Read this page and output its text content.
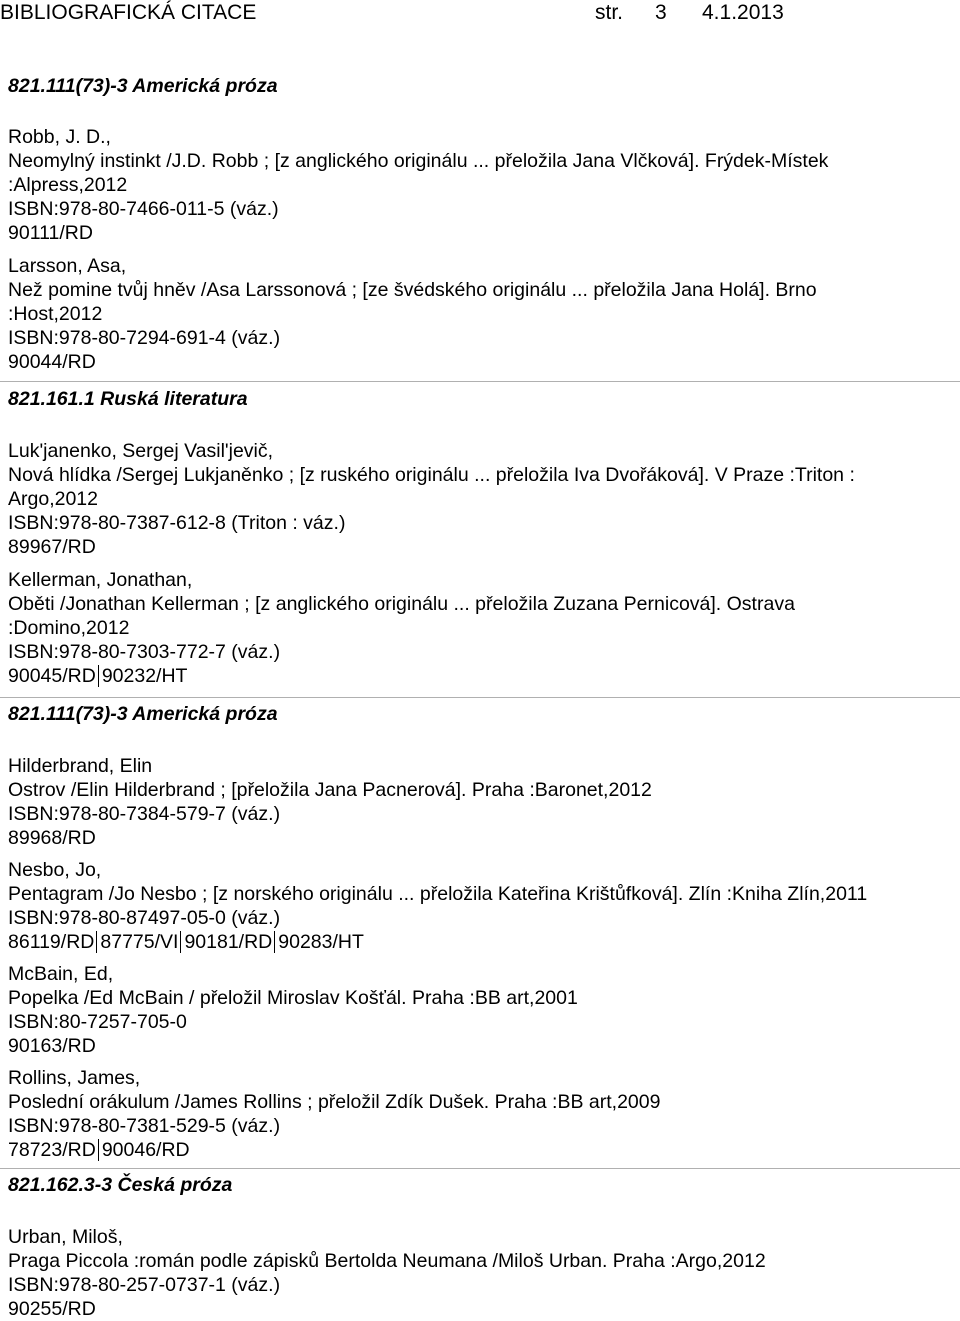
BIBLIOGRAFICKÁ CITACE	str. 3 4.1.2013
821.111(73)-3 Americká próza
Robb, J. D.,
Neomylný instinkt /J.D. Robb ; [z anglického originálu ... přeložila Jana Vlčková]. Frýdek-Místek
:Alpress,2012
ISBN:978-80-7466-011-5 (váz.)
90111/RD
Larsson, Asa,
Než pomine tvůj hněv /Asa Larssonová ; [ze švédského originálu ... přeložila Jana Holá]. Brno
:Host,2012
ISBN:978-80-7294-691-4 (váz.)
90044/RD
821.161.1 Ruská literatura
Luk'janenko, Sergej Vasil'jevič,
Nová hlídka /Sergej Lukjaněnko ; [z ruského originálu ... přeložila Iva Dvořáková]. V Praze :Triton :
Argo,2012
ISBN:978-80-7387-612-8 (Triton : váz.)
89967/RD
Kellerman, Jonathan,
Oběti /Jonathan Kellerman ; [z anglického originálu ... přeložila Zuzana Pernicová]. Ostrava
:Domino,2012
ISBN:978-80-7303-772-7 (váz.)
90045/RD 90232/HT
821.111(73)-3 Americká próza
Hilderbrand, Elin
Ostrov /Elin Hilderbrand ; [přeložila Jana Pacnerová]. Praha :Baronet,2012
ISBN:978-80-7384-579-7 (váz.)
89968/RD
Nesbo, Jo,
Pentagram /Jo Nesbo ; [z norského originálu ... přeložila Kateřina Krištůfková]. Zlín :Kniha Zlín,2011
ISBN:978-80-87497-05-0 (váz.)
86119/RD 87775/VI 90181/RD 90283/HT
McBain, Ed,
Popelka /Ed McBain / přeložil Miroslav Košťál. Praha :BB art,2001
ISBN:80-7257-705-0
90163/RD
Rollins, James,
Poslední orákulum /James Rollins ; přeložil Zdík Dušek. Praha :BB art,2009
ISBN:978-80-7381-529-5 (váz.)
78723/RD 90046/RD
821.162.3-3 Česká próza
Urban, Miloš,
Praga Piccola :román podle zápisků Bertolda Neumana /Miloš Urban. Praha :Argo,2012
ISBN:978-80-257-0737-1 (váz.)
90255/RD
